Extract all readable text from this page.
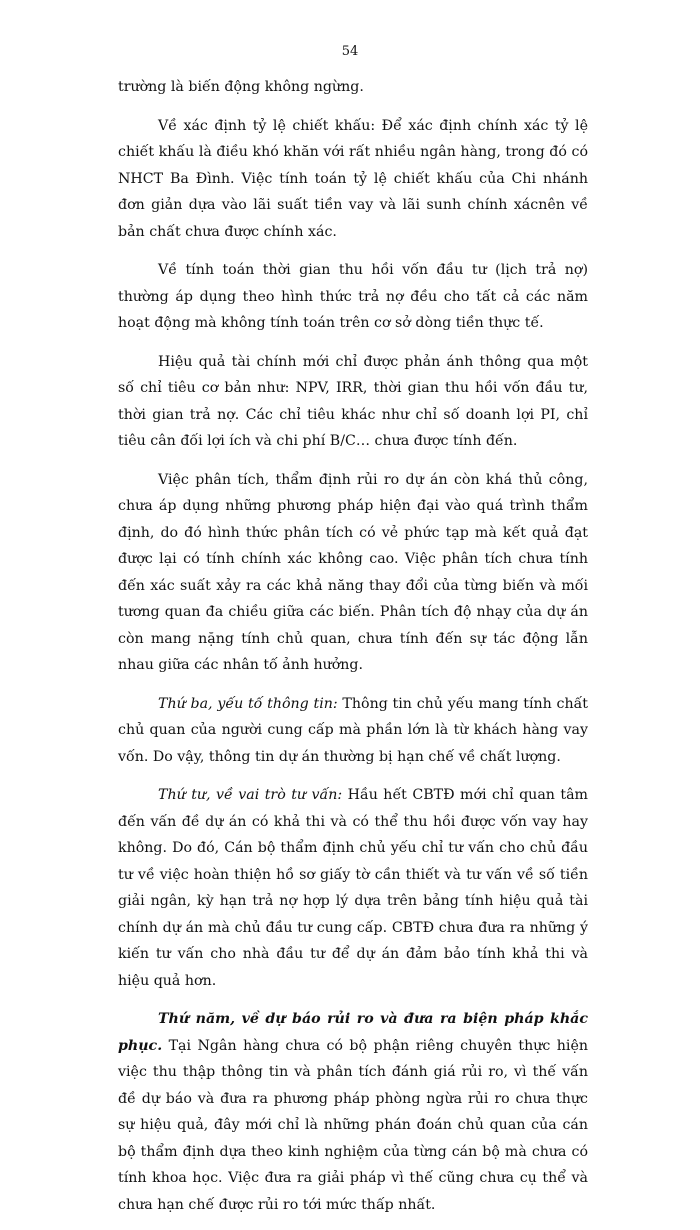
54

trường là biến động không ngừng.

Về xác định tỷ lệ chiết khấu: Để xác định chính xác tỷ lệ chiết khấu là điều khó khăn với rất nhiều ngân hàng, trong đó có NHCT Ba Đình. Việc tính toán tỷ lệ chiết khấu của Chi nhánh đơn giản dựa vào lãi suất tiền vay và lãi sunh chính xácnên về bản chất chưa được chính xác.

Về tính toán thời gian thu hồi vốn đầu tư (lịch trả nợ) thường áp dụng theo hình thức trả nợ đều cho tất cả các năm hoạt động mà không tính toán trên cơ sở dòng tiền thực tế.

Hiệu quả tài chính mới chỉ được phản ánh thông qua một số chỉ tiêu cơ bản như: NPV, IRR, thời gian thu hồi vốn đầu tư, thời gian trả nợ. Các chỉ tiêu khác như chỉ số doanh lợi PI, chỉ tiêu cân đối lợi ích và chi phí B/C… chưa được tính đến.

Việc phân tích, thẩm định rủi ro dự án còn khá thủ công, chưa áp dụng những phương pháp hiện đại vào quá trình thẩm định, do đó hình thức phân tích có vẻ phức tạp mà kết quả đạt được lại có tính chính xác không cao. Việc phân tích chưa tính đến xác suất xảy ra các khả năng thay đổi của từng biến và mối tương quan đa chiều giữa các biến. Phân tích độ nhạy của dự án còn mang nặng tính chủ quan, chưa tính đến sự tác động lẫn nhau giữa các nhân tố ảnh hưởng.

Thứ ba, yếu tố thông tin: Thông tin chủ yếu mang tính chất chủ quan của người cung cấp mà phần lớn là từ khách hàng vay vốn. Do vậy, thông tin dự án thường bị hạn chế về chất lượng.

Thứ tư, về vai trò tư vấn: Hầu hết CBTĐ mới chỉ quan tâm đến vấn đề dự án có khả thi và có thể thu hồi được vốn vay hay không. Do đó, Cán bộ thẩm định chủ yếu chỉ tư vấn cho chủ đầu tư về việc hoàn thiện hồ sơ giấy tờ cần thiết và tư vấn về số tiền giải ngân, kỳ hạn trả nợ hợp lý dựa trên bảng tính hiệu quả tài chính dự án mà chủ đầu tư cung cấp. CBTĐ chưa đưa ra những ý kiến tư vấn cho nhà đầu tư để dự án đảm bảo tính khả thi và hiệu quả hơn.

Thứ năm, về dự báo rủi ro và đưa ra biện pháp khắc phục. Tại Ngân hàng chưa có bộ phận riêng chuyên thực hiện việc thu thập thông tin và phân tích đánh giá rủi ro, vì thế vấn đề dự báo và đưa ra phương pháp phòng ngừa rủi ro chưa thực sự hiệu quả, đây mới chỉ là những phán đoán chủ quan của cán bộ thẩm định dựa theo kinh nghiệm của từng cán bộ mà chưa có tính khoa học. Việc đưa ra giải pháp vì thế cũng chưa cụ thể và chưa hạn chế được rủi ro tới mức thấp nhất.
